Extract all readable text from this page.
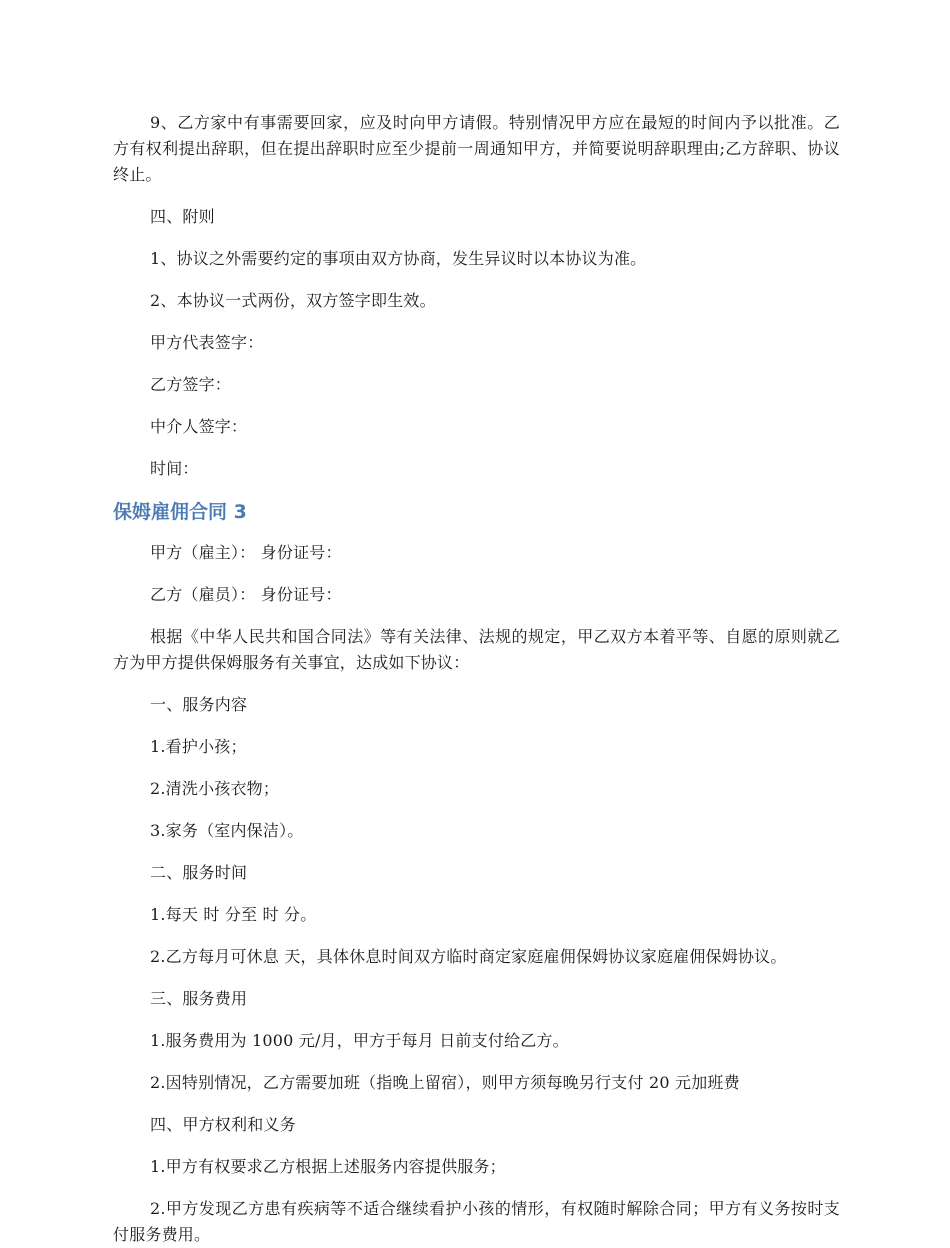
9、乙方家中有事需要回家，应及时向甲方请假。特别情况甲方应在最短的时间内予以批准。乙方有权利提出辞职，但在提出辞职时应至少提前一周通知甲方，并简要说明辞职理由;乙方辞职、协议终止。

四、附则

1、协议之外需要约定的事项由双方协商，发生异议时以本协议为准。

2、本协议一式两份，双方签字即生效。

甲方代表签字：

乙方签字：

中介人签字：

时间：

保姆雇佣合同 3

甲方（雇主）： 身份证号：

乙方（雇员）： 身份证号：

根据《中华人民共和国合同法》等有关法律、法规的规定，甲乙双方本着平等、自愿的原则就乙方为甲方提供保姆服务有关事宜，达成如下协议：

一、服务内容

1.看护小孩；

2.清洗小孩衣物；

3.家务（室内保洁）。

二、服务时间

1.每天 时 分至 时 分。

2.乙方每月可休息 天，具体休息时间双方临时商定家庭雇佣保姆协议家庭雇佣保姆协议。

三、服务费用

1.服务费用为 1000 元/月，甲方于每月 日前支付给乙方。

2.因特别情况，乙方需要加班（指晚上留宿），则甲方须每晚另行支付 20 元加班费

四、甲方权利和义务

1.甲方有权要求乙方根据上述服务内容提供服务；

2.甲方发现乙方患有疾病等不适合继续看护小孩的情形，有权随时解除合同；甲方有义务按时支付服务费用。
